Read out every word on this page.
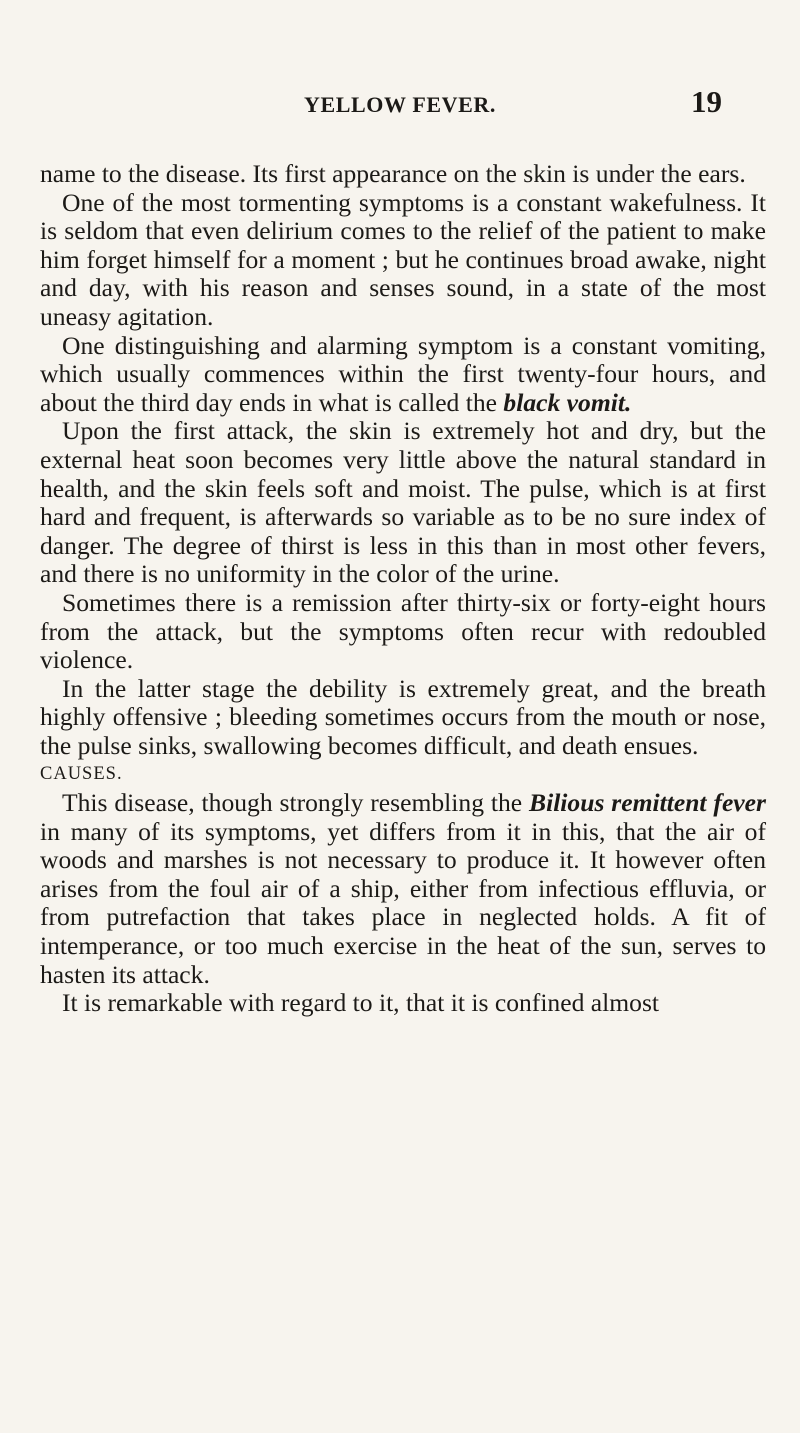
YELLOW FEVER.	19

name to the disease. Its first appearance on the skin is under the ears.

One of the most tormenting symptoms is a constant wakefulness. It is seldom that even delirium comes to the relief of the patient to make him forget himself for a moment ; but he continues broad awake, night and day, with his reason and senses sound, in a state of the most uneasy agitation.

One distinguishing and alarming symptom is a constant vomiting, which usually commences within the first twenty-four hours, and about the third day ends in what is called the black vomit.

Upon the first attack, the skin is extremely hot and dry, but the external heat soon becomes very little above the natural standard in health, and the skin feels soft and moist. The pulse, which is at first hard and frequent, is afterwards so variable as to be no sure index of danger. The degree of thirst is less in this than in most other fevers, and there is no uniformity in the color of the urine.

Sometimes there is a remission after thirty-six or forty-eight hours from the attack, but the symptoms often recur with redoubled violence.

In the latter stage the debility is extremely great, and the breath highly offensive ; bleeding sometimes occurs from the mouth or nose, the pulse sinks, swallowing becomes difficult, and death ensues.

CAUSES.

This disease, though strongly resembling the Bilious remittent fever in many of its symptoms, yet differs from it in this, that the air of woods and marshes is not necessary to produce it. It however often arises from the foul air of a ship, either from infectious effluvia, or from putrefaction that takes place in neglected holds. A fit of intemperance, or too much exercise in the heat of the sun, serves to hasten its attack.

It is remarkable with regard to it, that it is confined almost
